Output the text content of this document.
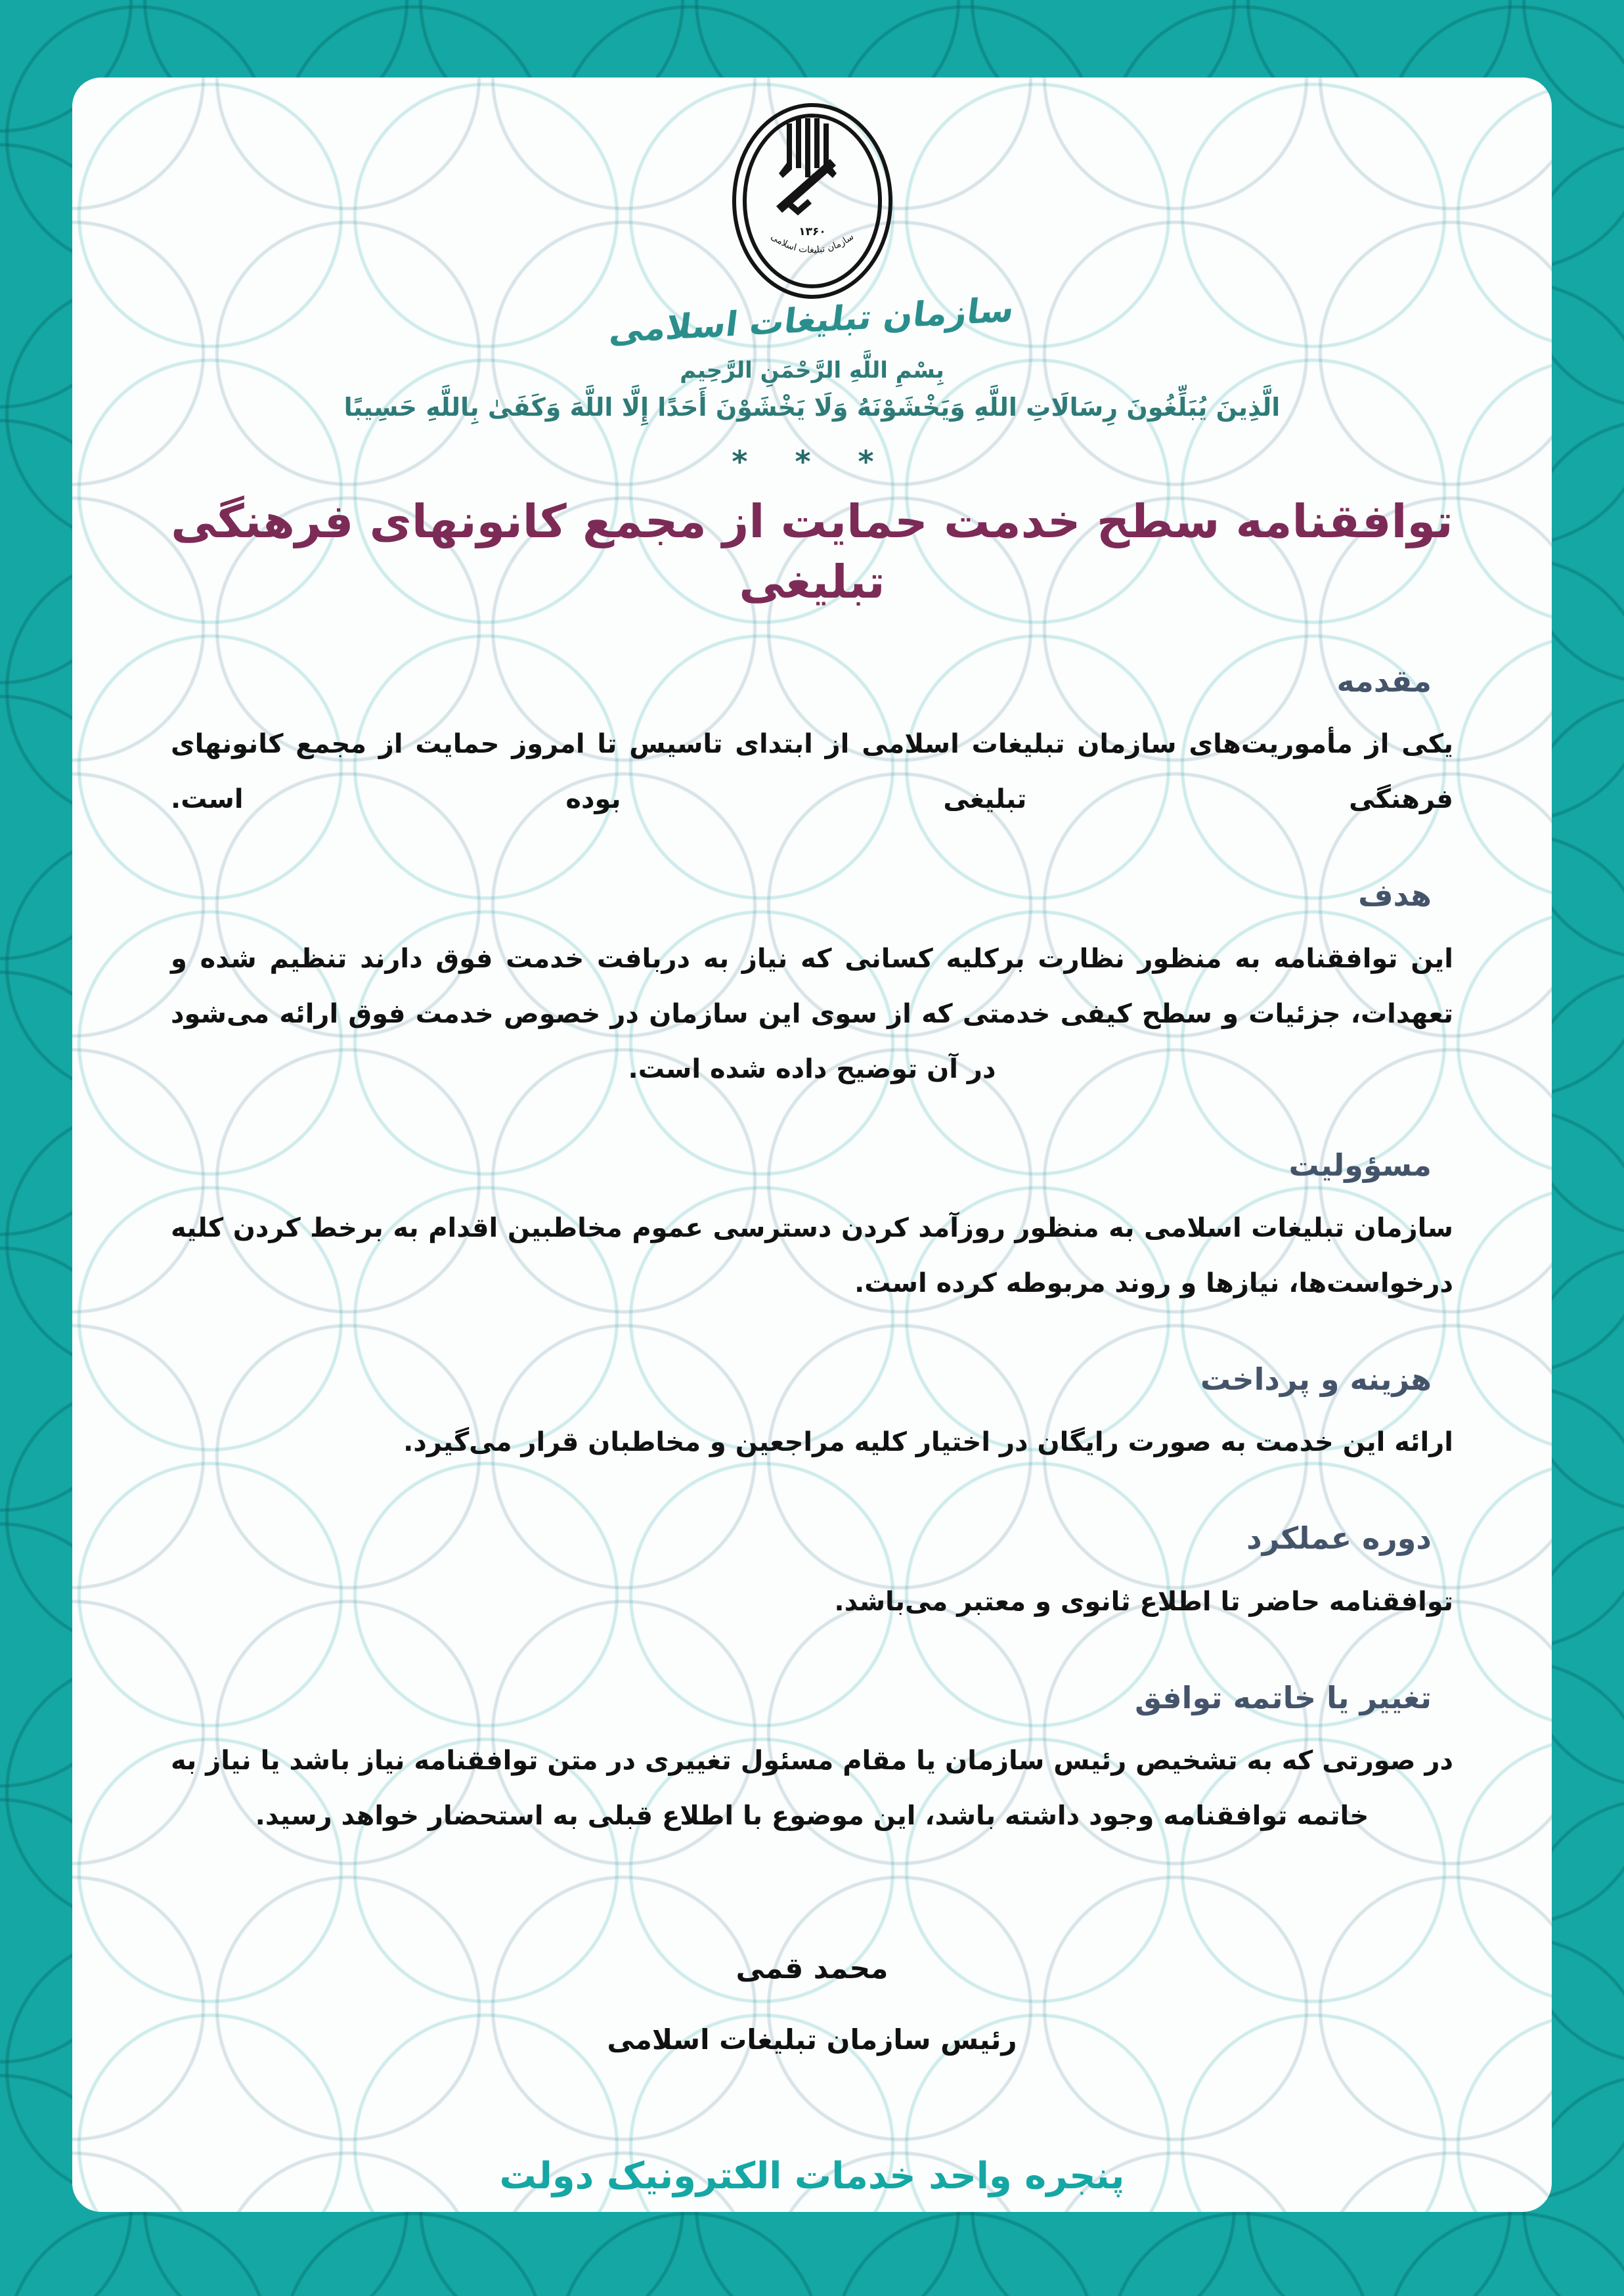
۱۳۶۰
سازمان تبلیغات اسلامی
سازمان تبلیغات اسلامی
بِسْمِ اللَّهِ الرَّحْمَنِ الرَّحِيم
الَّذِينَ يُبَلِّغُونَ رِسَالَاتِ اللَّهِ وَيَخْشَوْنَهُ وَلَا يَخْشَوْنَ أَحَدًا إِلَّا اللَّهَ وَكَفَىٰ بِاللَّهِ حَسِيبًا
* * *
توافقنامه سطح خدمت حمایت از مجمع کانونهای فرهنگی تبلیغی
مقدمه

یکی از مأموریت‌های سازمان تبلیغات اسلامی از ابتدای تاسیس تا امروز حمایت از مجمع کانونهای فرهنگی تبلیغی بوده است.

هدف

این توافقنامه به منظور نظارت برکلیه کسانی که نیاز به دربافت خدمت فوق دارند تنظیم شده و تعهدات، جزئیات و سطح کیفی خدمتی که از سوی این سازمان در خصوص خدمت فوق ارائه می‌شود در آن توضیح داده شده است.

مسؤولیت

سازمان تبلیغات اسلامی به منظور روزآمد کردن دسترسی عموم مخاطبین اقدام به برخط کردن کلیه درخواست‌ها، نیازها و روند مربوطه کرده است.

هزینه و پرداخت

ارائه این خدمت به صورت رایگان در اختیار کلیه مراجعین و مخاطبان قرار می‌گیرد.

دوره عملکرد

توافقنامه حاضر تا اطلاع ثانوی و معتبر می‌باشد.

تغییر یا خاتمه توافق

در صورتی که به تشخیص رئیس سازمان یا مقام مسئول تغییری در متن توافقنامه نیاز باشد یا نیاز به خاتمه توافقنامه وجود داشته باشد، این موضوع با اطلاع قبلی به استحضار خواهد رسید.

محمد قمی
رئیس سازمان تبلیغات اسلامی
پنجره واحد خدمات الکترونیک دولت
